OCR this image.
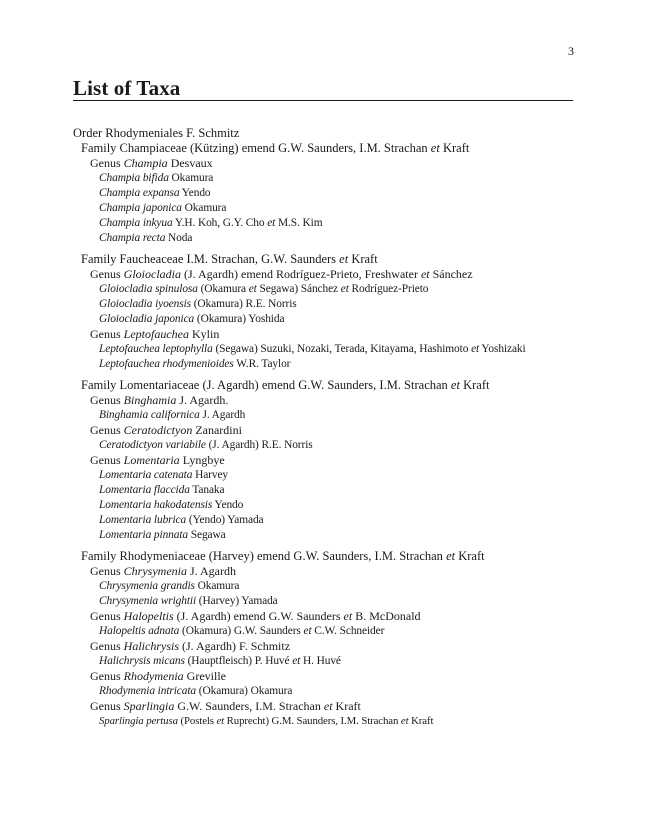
3
List of Taxa
Order Rhodymeniales F. Schmitz
Family Champiaceae (Kützing) emend G.W. Saunders, I.M. Strachan et Kraft
Genus Champia Desvaux
Champia bifida Okamura
Champia expansa Yendo
Champia japonica Okamura
Champia inkyua Y.H. Koh, G.Y. Cho et M.S. Kim
Champia recta Noda
Family Faucheaceae I.M. Strachan, G.W. Saunders et Kraft
Genus Gloiocladia (J. Agardh) emend Rodríguez-Prieto, Freshwater et Sánchez
Gloiocladia spinulosa (Okamura et Segawa) Sánchez et Rodríguez-Prieto
Gloiocladia iyoensis (Okamura) R.E. Norris
Gloiocladia japonica (Okamura) Yoshida
Genus Leptofauchea Kylin
Leptofauchea leptophylla (Segawa) Suzuki, Nozaki, Terada, Kitayama, Hashimoto et Yoshizaki
Leptofauchea rhodymenioides W.R. Taylor
Family Lomentariaceae (J. Agardh) emend G.W. Saunders, I.M. Strachan et Kraft
Genus Binghamia J. Agardh.
Binghamia californica J. Agardh
Genus Ceratodictyon Zanardini
Ceratodictyon variabile (J. Agardh) R.E. Norris
Genus Lomentaria Lyngbye
Lomentaria catenata Harvey
Lomentaria flaccida Tanaka
Lomentaria hakodatensis Yendo
Lomentaria lubrica (Yendo) Yamada
Lomentaria pinnata Segawa
Family Rhodymeniaceae (Harvey) emend G.W. Saunders, I.M. Strachan et Kraft
Genus Chrysymenia J. Agardh
Chrysymenia grandis Okamura
Chrysymenia wrightii (Harvey) Yamada
Genus Halopeltis (J. Agardh) emend G.W. Saunders et B. McDonald
Halopeltis adnata (Okamura) G.W. Saunders et C.W. Schneider
Genus Halichrysis (J. Agardh) F. Schmitz
Halichrysis micans (Hauptfleisch) P. Huvé et H. Huvé
Genus Rhodymenia Greville
Rhodymenia intricata (Okamura) Okamura
Genus Sparlingia G.W. Saunders, I.M. Strachan et Kraft
Sparlingia pertusa (Postels et Ruprecht) G.M. Saunders, I.M. Strachan et Kraft
